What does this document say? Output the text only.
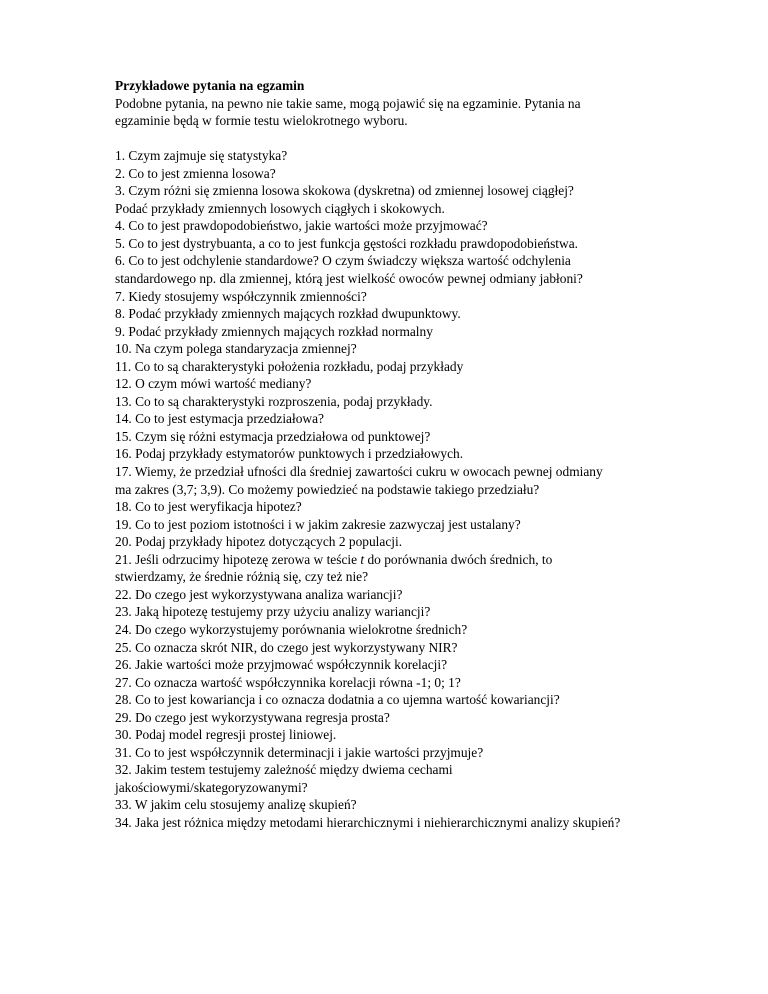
Przykładowe pytania na egzamin
Podobne pytania, na pewno nie takie same, mogą pojawić się na egzaminie. Pytania na
egzaminie będą w formie testu wielokrotnego wyboru.
1. Czym zajmuje się statystyka?
2. Co to jest zmienna losowa?
3. Czym różni się zmienna losowa skokowa (dyskretna) od zmiennej losowej ciągłej?
Podać przykłady zmiennych losowych ciągłych i skokowych.
4. Co to jest prawdopodobieństwo, jakie wartości może przyjmować?
5. Co to jest dystrybuanta, a co to jest funkcja gęstości rozkładu prawdopodobieństwa.
6. Co to jest odchylenie standardowe? O czym świadczy większa wartość odchylenia
standardowego np. dla zmiennej, którą jest wielkość owoców pewnej odmiany jabłoni?
7. Kiedy stosujemy współczynnik zmienności?
8. Podać przykłady zmiennych mających rozkład dwupunktowy.
9. Podać przykłady zmiennych mających rozkład normalny
10. Na czym polega standaryzacja zmiennej?
11. Co to są charakterystyki położenia rozkładu, podaj przykłady
12. O czym mówi wartość mediany?
13. Co to są charakterystyki rozproszenia, podaj przykłady.
14. Co to jest estymacja przedziałowa?
15. Czym się różni estymacja przedziałowa od punktowej?
16. Podaj przykłady estymatorów punktowych i przedziałowych.
17. Wiemy, że przedział ufności dla średniej zawartości cukru w owocach pewnej odmiany
ma zakres (3,7; 3,9). Co możemy powiedzieć na podstawie takiego przedziału?
18. Co to jest weryfikacja hipotez?
19. Co to jest poziom istotności i w jakim zakresie zazwyczaj jest ustalany?
20. Podaj przykłady hipotez dotyczących 2 populacji.
21. Jeśli odrzucimy hipotezę zerowa w teście t do porównania dwóch średnich, to
stwierdzamy, że średnie różnią się, czy też nie?
22. Do czego jest wykorzystywana analiza wariancji?
23. Jaką hipotezę testujemy przy użyciu analizy wariancji?
24. Do czego wykorzystujemy porównania wielokrotne średnich?
25. Co oznacza skrót NIR, do czego jest wykorzystywany NIR?
26. Jakie wartości może przyjmować współczynnik korelacji?
27. Co oznacza wartość współczynnika korelacji równa -1; 0; 1?
28. Co to jest kowariancja i co oznacza dodatnia a co ujemna wartość kowariancji?
29. Do czego jest wykorzystywana regresja prosta?
30. Podaj model regresji prostej liniowej.
31. Co to jest współczynnik determinacji i jakie wartości przyjmuje?
32. Jakim testem testujemy zależność między dwiema cechami
jakościowymi/skategoryzowanymi?
33. W jakim celu stosujemy analizę skupień?
34. Jaka jest różnica między metodami hierarchicznymi i niehierarchicznymi analizy skupień?
